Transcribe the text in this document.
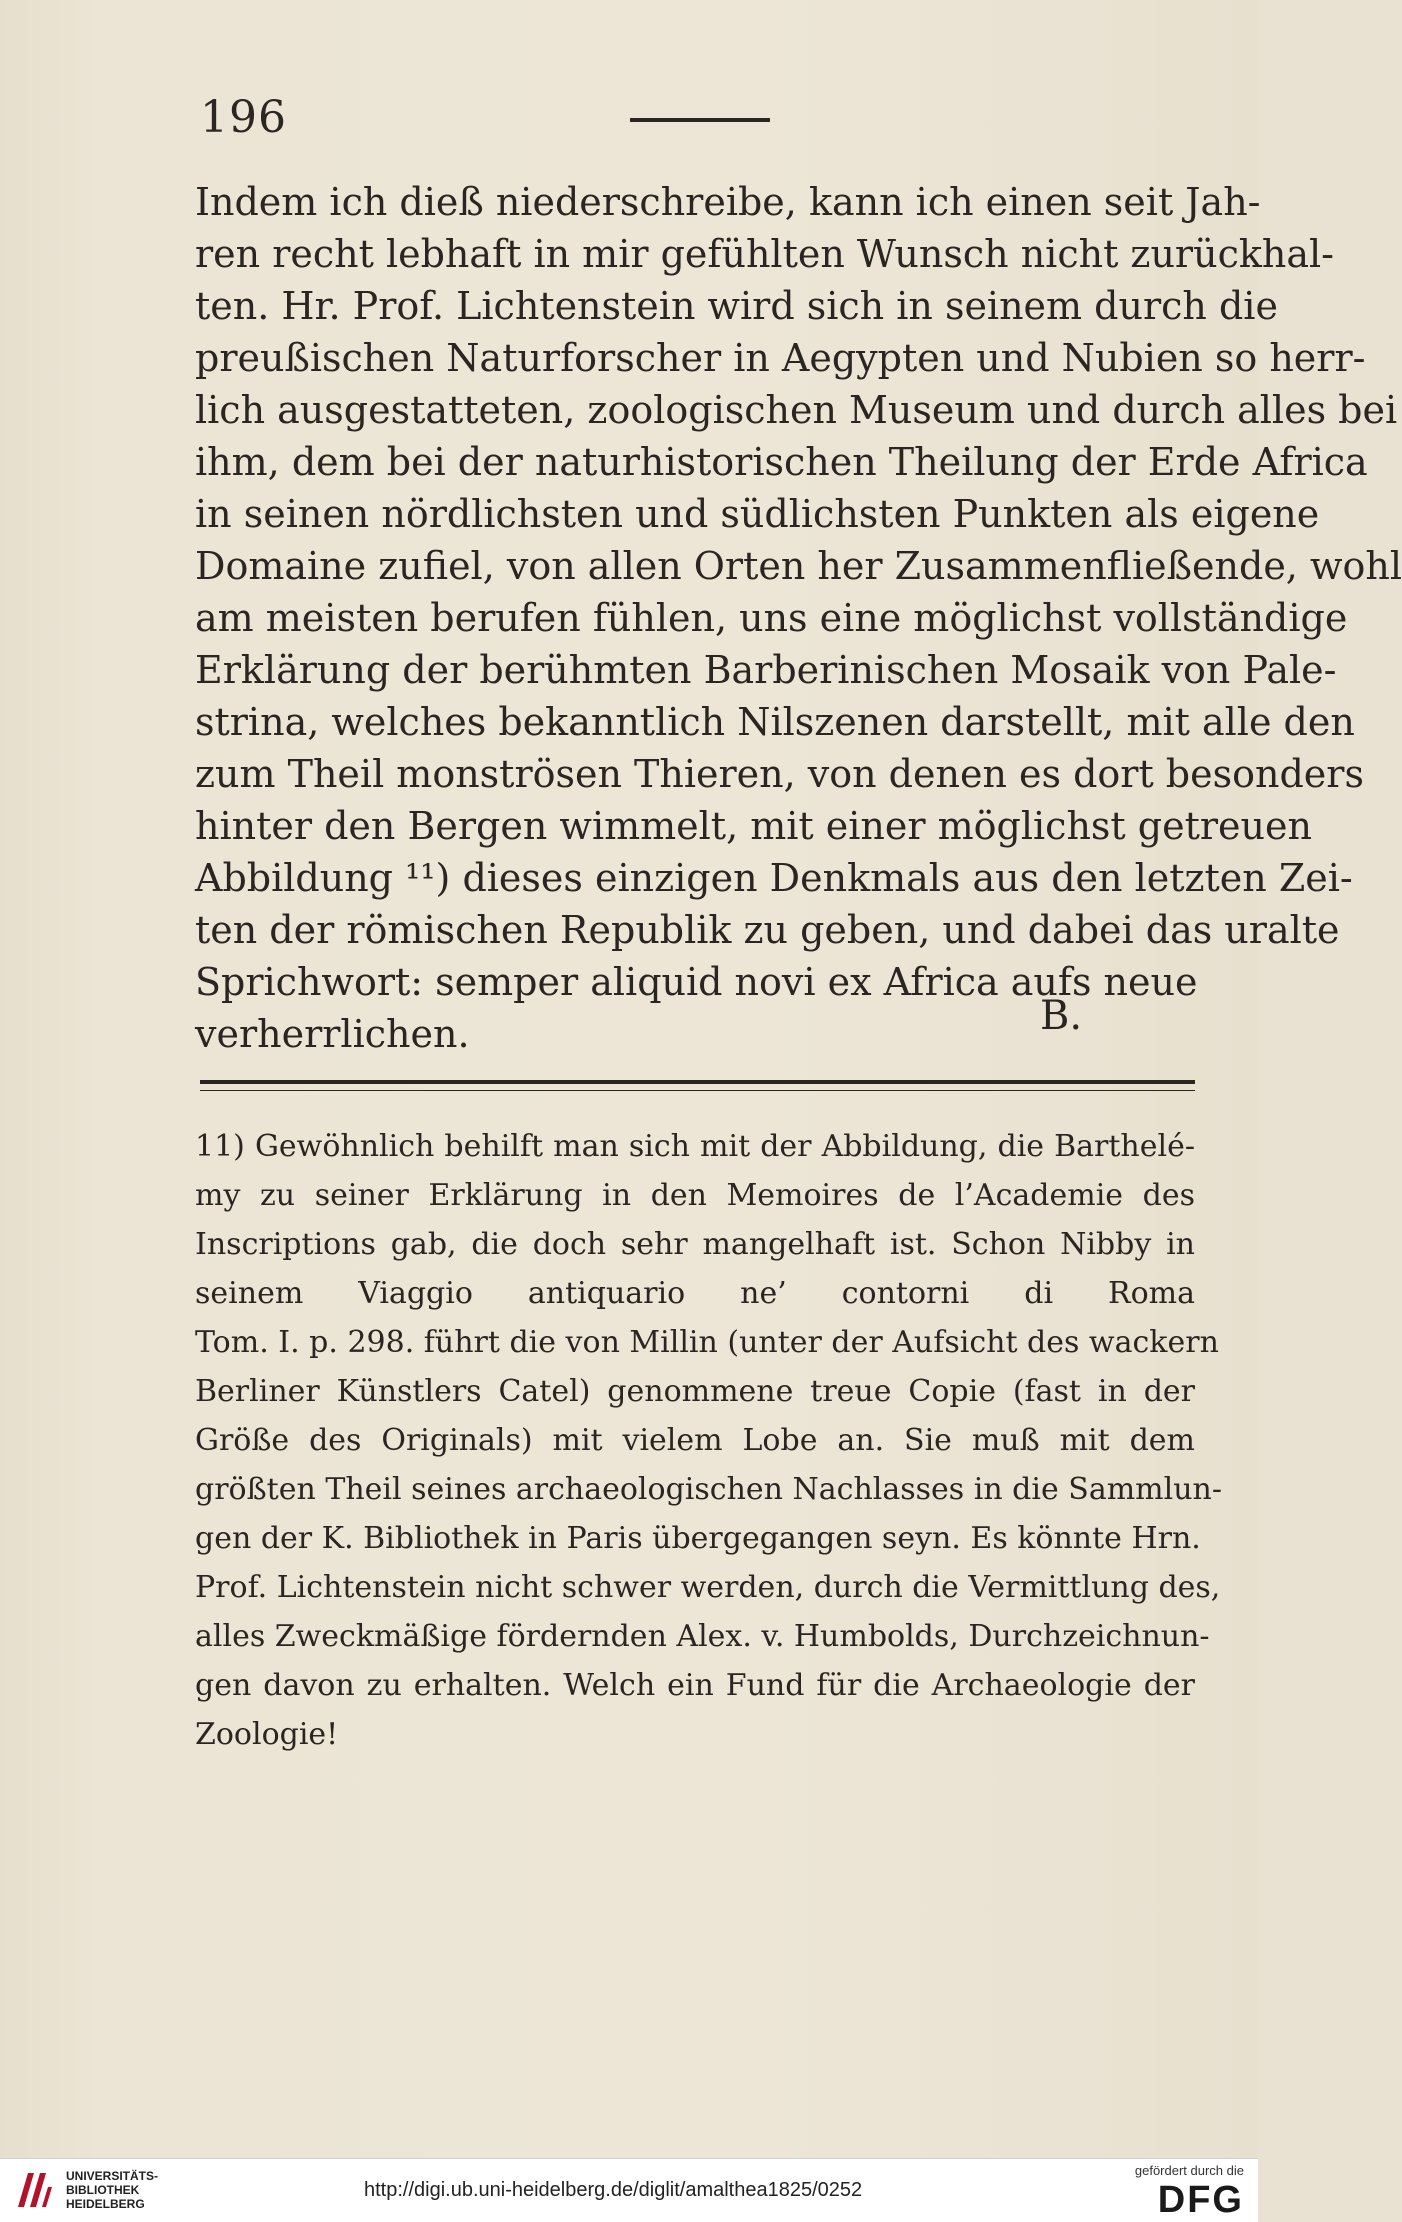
196
Indem ich dieß niederschreibe, kann ich einen seit Jah-
ren recht lebhaft in mir gefühlten Wunsch nicht zurückhal-
ten. Hr. Prof. Lichtenstein wird sich in seinem durch die
preußischen Naturforscher in Aegypten und Nubien so herr-
lich ausgestatteten, zoologischen Museum und durch alles bei
ihm, dem bei der naturhistorischen Theilung der Erde Africa
in seinen nördlichsten und südlichsten Punkten als eigene
Domaine zufiel, von allen Orten her Zusammenfließende, wohl
am meisten berufen fühlen, uns eine möglichst vollständige
Erklärung der berühmten Barberinischen Mosaik von Pale-
strina, welches bekanntlich Nilszenen darstellt, mit alle den
zum Theil monströsen Thieren, von denen es dort besonders
hinter den Bergen wimmelt, mit einer möglichst getreuen
Abbildung ¹¹) dieses einzigen Denkmals aus den letzten Zei-
ten der römischen Republik zu geben, und dabei das uralte
Sprichwort: semper aliquid novi ex Africa aufs neue
verherrlichen.	B.
11) Gewöhnlich behilft man sich mit der Abbildung, die Barthelé-
my zu seiner Erklärung in den Memoires de l’Academie des
Inscriptions gab, die doch sehr mangelhaft ist. Schon Nibby in
seinem Viaggio antiquario ne’ contorni di Roma
Tom. I. p. 298. führt die von Millin (unter der Aufsicht des wackern
Berliner Künstlers Catel) genommene treue Copie (fast in der
Größe des Originals) mit vielem Lobe an. Sie muß mit dem
größten Theil seines archaeologischen Nachlasses in die Sammlun-
gen der K. Bibliothek in Paris übergegangen seyn. Es könnte Hrn.
Prof. Lichtenstein nicht schwer werden, durch die Vermittlung des,
alles Zweckmäßige fördernden Alex. v. Humbolds, Durchzeichnun-
gen davon zu erhalten. Welch ein Fund für die Archaeologie der
Zoologie!
UNIVERSITÄTS-
BIBLIOTHEK
HEIDELBERG
http://digi.ub.uni-heidelberg.de/diglit/amalthea1825/0252
gefördert durch die
DFG
